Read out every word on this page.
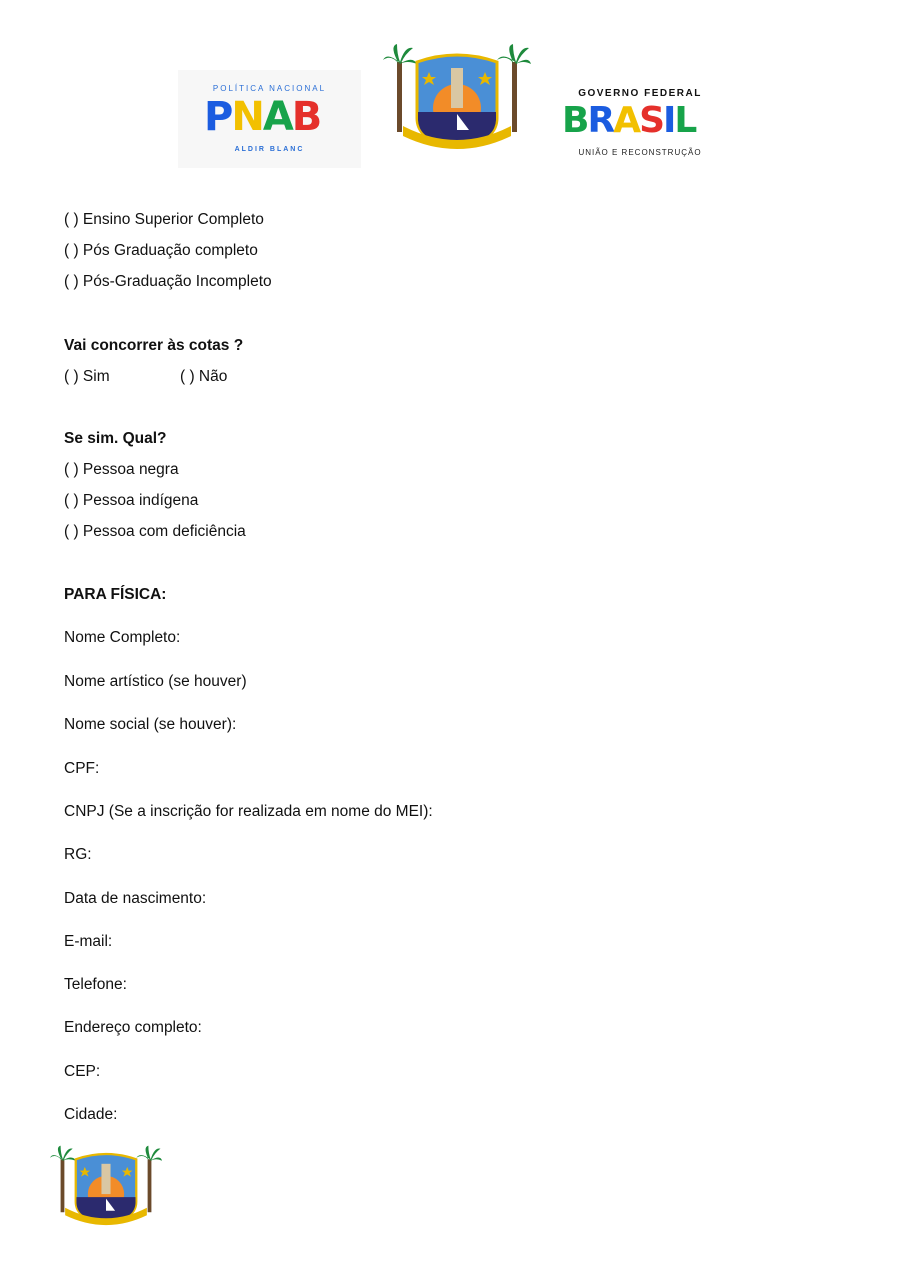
POLÍTICA NACIONAL
PNAB
ALDIR BLANC
GOVERNO FEDERAL
BRASIL
UNIÃO E RECONSTRUÇÃO
( ) Ensino Superior Completo
( ) Pós Graduação completo
( ) Pós-Graduação Incompleto
Vai concorrer às cotas ?
( ) Sim	( ) Não
Se sim. Qual?
( ) Pessoa negra
( ) Pessoa indígena
( ) Pessoa com deficiência
PARA FÍSICA:
Nome Completo:
Nome artístico (se houver)
Nome social (se houver):
CPF:
CNPJ (Se a inscrição for realizada em nome do MEI):
RG:
Data de nascimento:
E-mail:
Telefone:
Endereço completo:
CEP:
Cidade:
